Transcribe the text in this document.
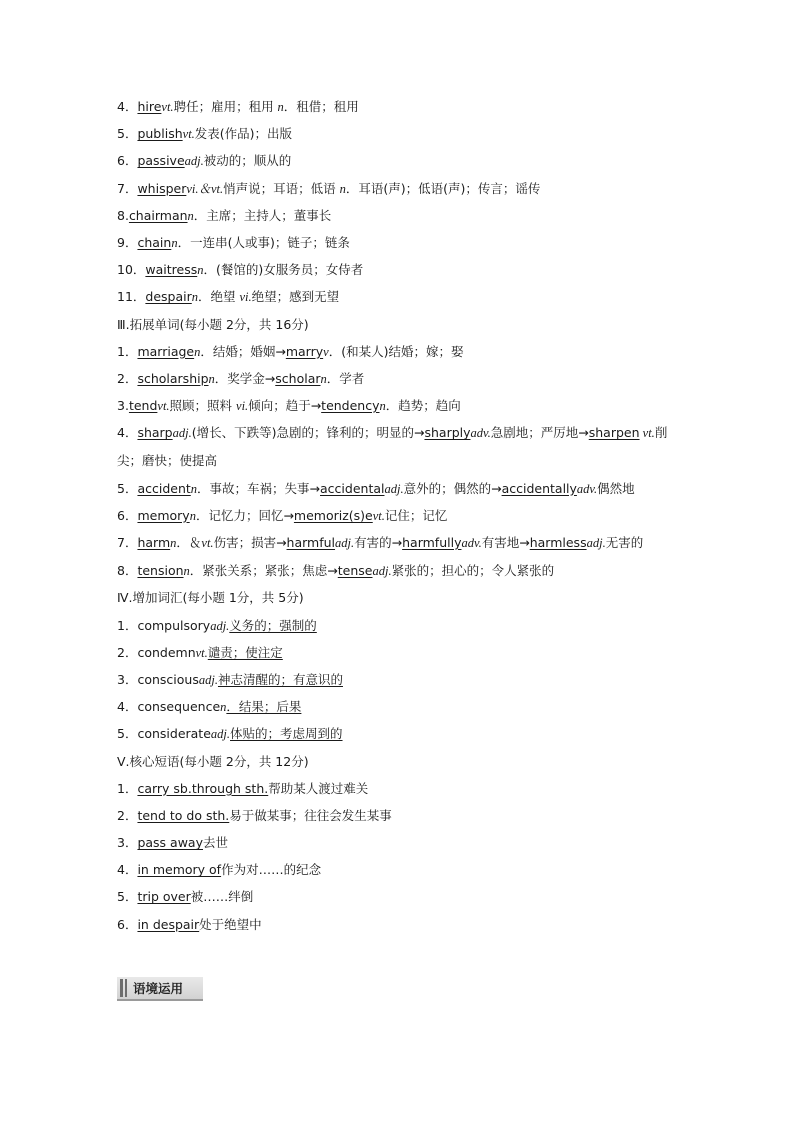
4．hirevt.聘任；雇用；租用 n．租借；租用
5．publishvt.发表(作品)；出版
6．passiveadj.被动的；顺从的
7．whispervi.＆vt.悄声说；耳语；低语 n．耳语(声)；低语(声)；传言；谣传
8.chairmann．主席；主持人；董事长
9．chainn．一连串(人或事)；链子；链条
10．waitressn．(餐馆的)女服务员；女侍者
11．despairn．绝望 vi.绝望；感到无望
Ⅲ.拓展单词(每小题 2分，共 16分)
1．marriagen．结婚；婚姻→marryv．(和某人)结婚；嫁；娶
2．scholarshipn．奖学金→scholarn．学者
3.tendvt.照顾；照料 vi.倾向；趋于→tendencyn．趋势；趋向
4．sharpadj.(增长、下跌等)急剧的；锋利的；明显的→sharplyadv.急剧地；严厉地→sharpen vt.削尖；磨快；使提高
5．accidentn．事故；车祸；失事→accidentaladj.意外的；偶然的→accidentallyadv.偶然地
6．memoryn．记忆力；回忆→memoriz(s)evt.记住；记忆
7．harmn．＆vt.伤害；损害→harmfuladj.有害的→harmfullyadv.有害地→harmlessadj.无害的
8．tensionn．紧张关系；紧张；焦虑→tenseadj.紧张的；担心的；令人紧张的
Ⅳ.增加词汇(每小题 1分，共 5分)
1．compulsoryadj.义务的；强制的
2．condemnvt.谴责；使注定
3．consciousadj.神志清醒的；有意识的
4．consequencen．结果；后果
5．considerateadj.体贴的；考虑周到的
Ⅴ.核心短语(每小题 2分，共 12分)
1．carry sb.through sth.帮助某人渡过难关
2．tend to do sth.易于做某事；往往会发生某事
3．pass away去世
4．in memory of作为对……的纪念
5．trip over被……绊倒
6．in despair处于绝望中
语境运用
